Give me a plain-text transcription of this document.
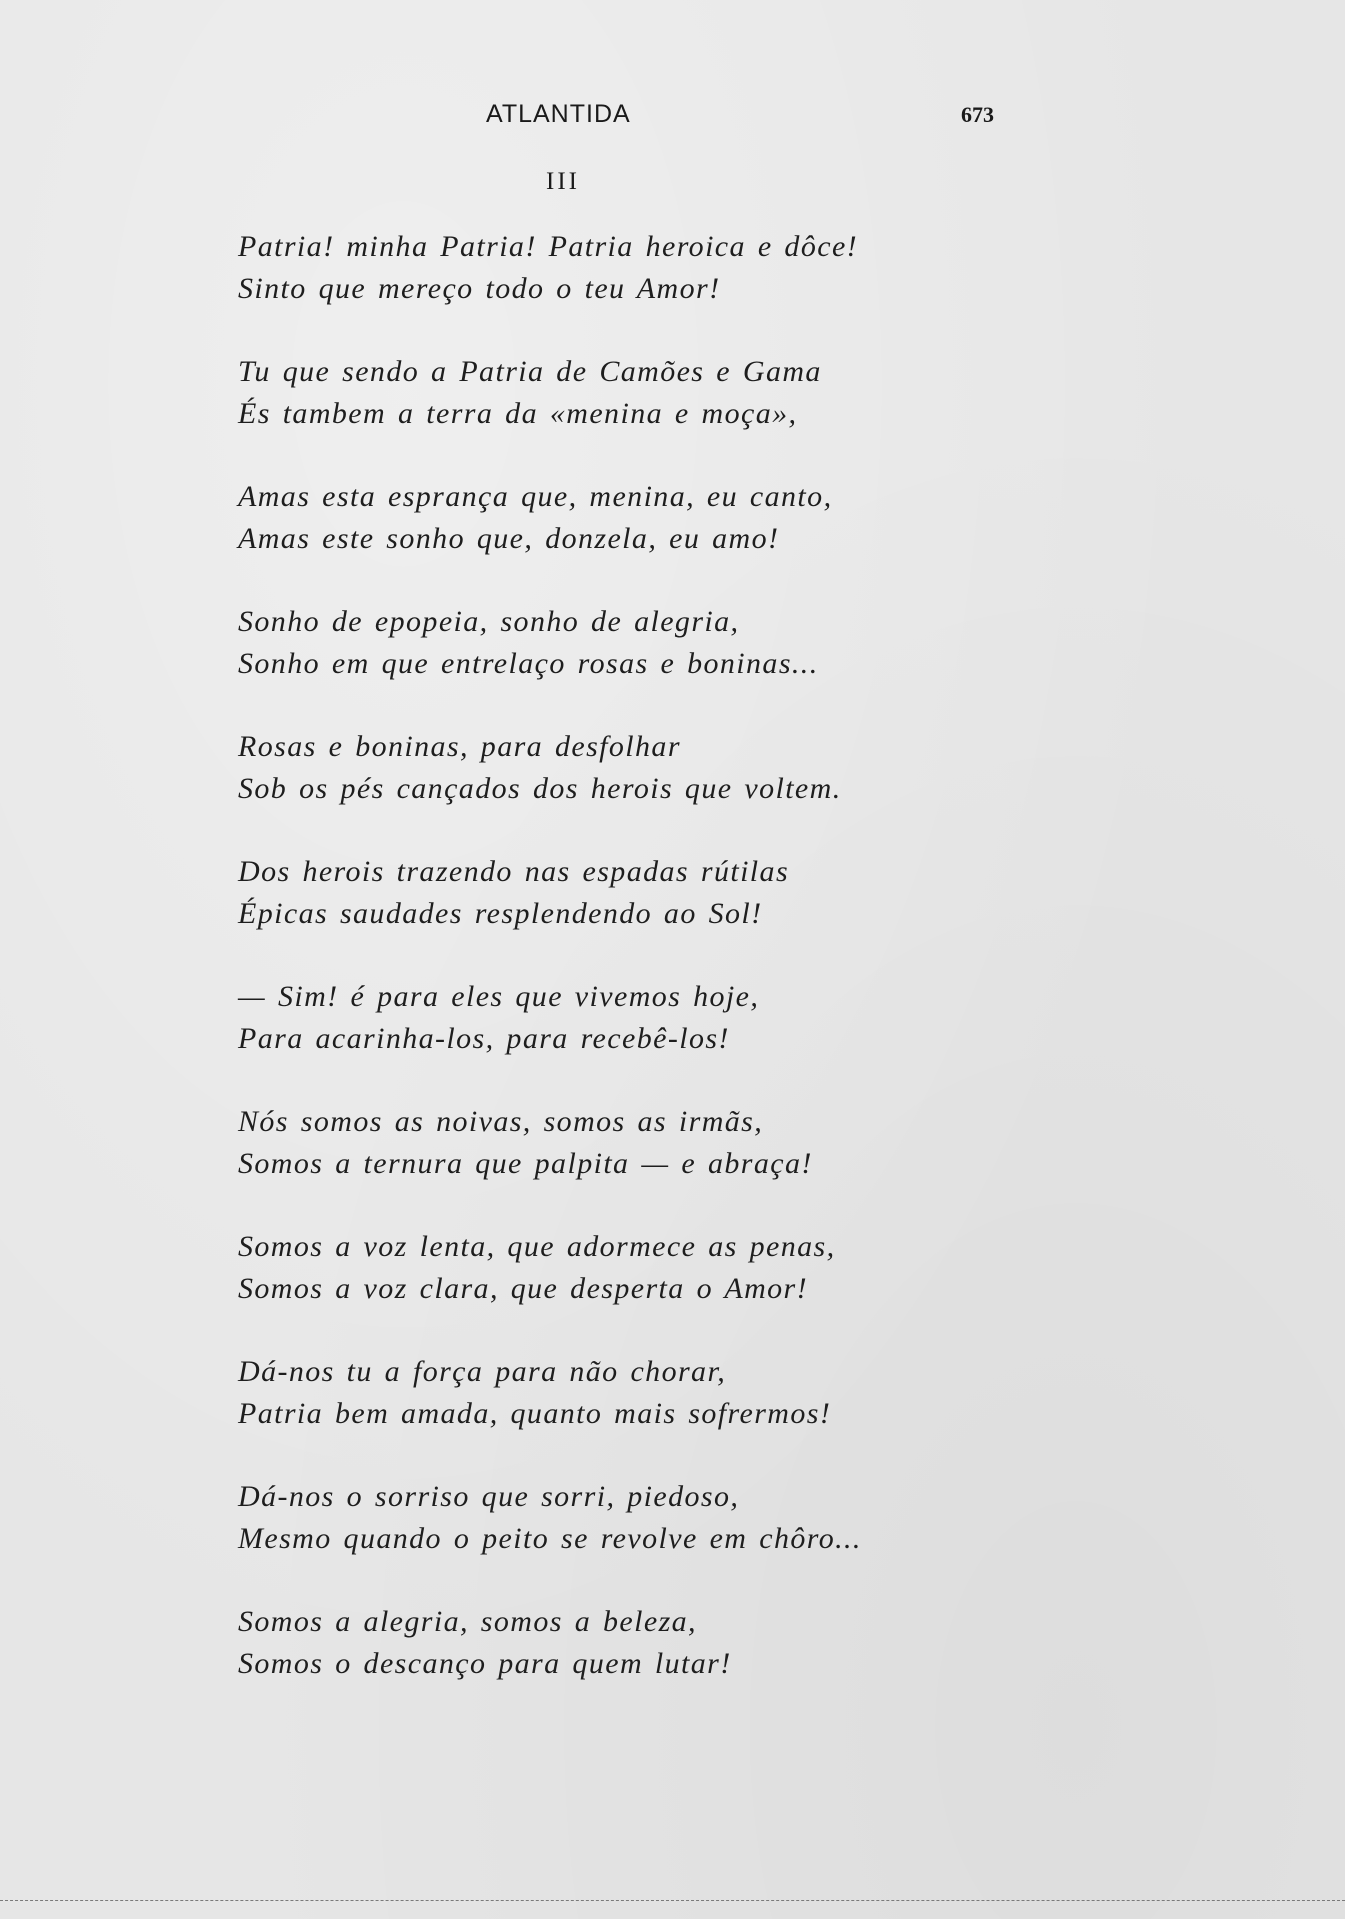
ATLANTIDA	673
III
Patria! minha Patria! Patria heroica e dôce!
Sinto que mereço todo o teu Amor!
Tu que sendo a Patria de Camões e Gama
És tambem a terra da «menina e moça»,
Amas esta esprança que, menina, eu canto,
Amas este sonho que, donzela, eu amo!
Sonho de epopeia, sonho de alegria,
Sonho em que entrelaço rosas e boninas...
Rosas e boninas, para desfolhar
Sob os pés cançados dos herois que voltem.
Dos herois trazendo nas espadas rútilas
Épicas saudades resplendendo ao Sol!
— Sim! é para eles que vivemos hoje,
Para acarinha-los, para recebê-los!
Nós somos as noivas, somos as irmãs,
Somos a ternura que palpita — e abraça!
Somos a voz lenta, que adormece as penas,
Somos a voz clara, que desperta o Amor!
Dá-nos tu a força para não chorar,
Patria bem amada, quanto mais sofrermos!
Dá-nos o sorriso que sorri, piedoso,
Mesmo quando o peito se revolve em chôro...
Somos a alegria, somos a beleza,
Somos o descanço para quem lutar!
